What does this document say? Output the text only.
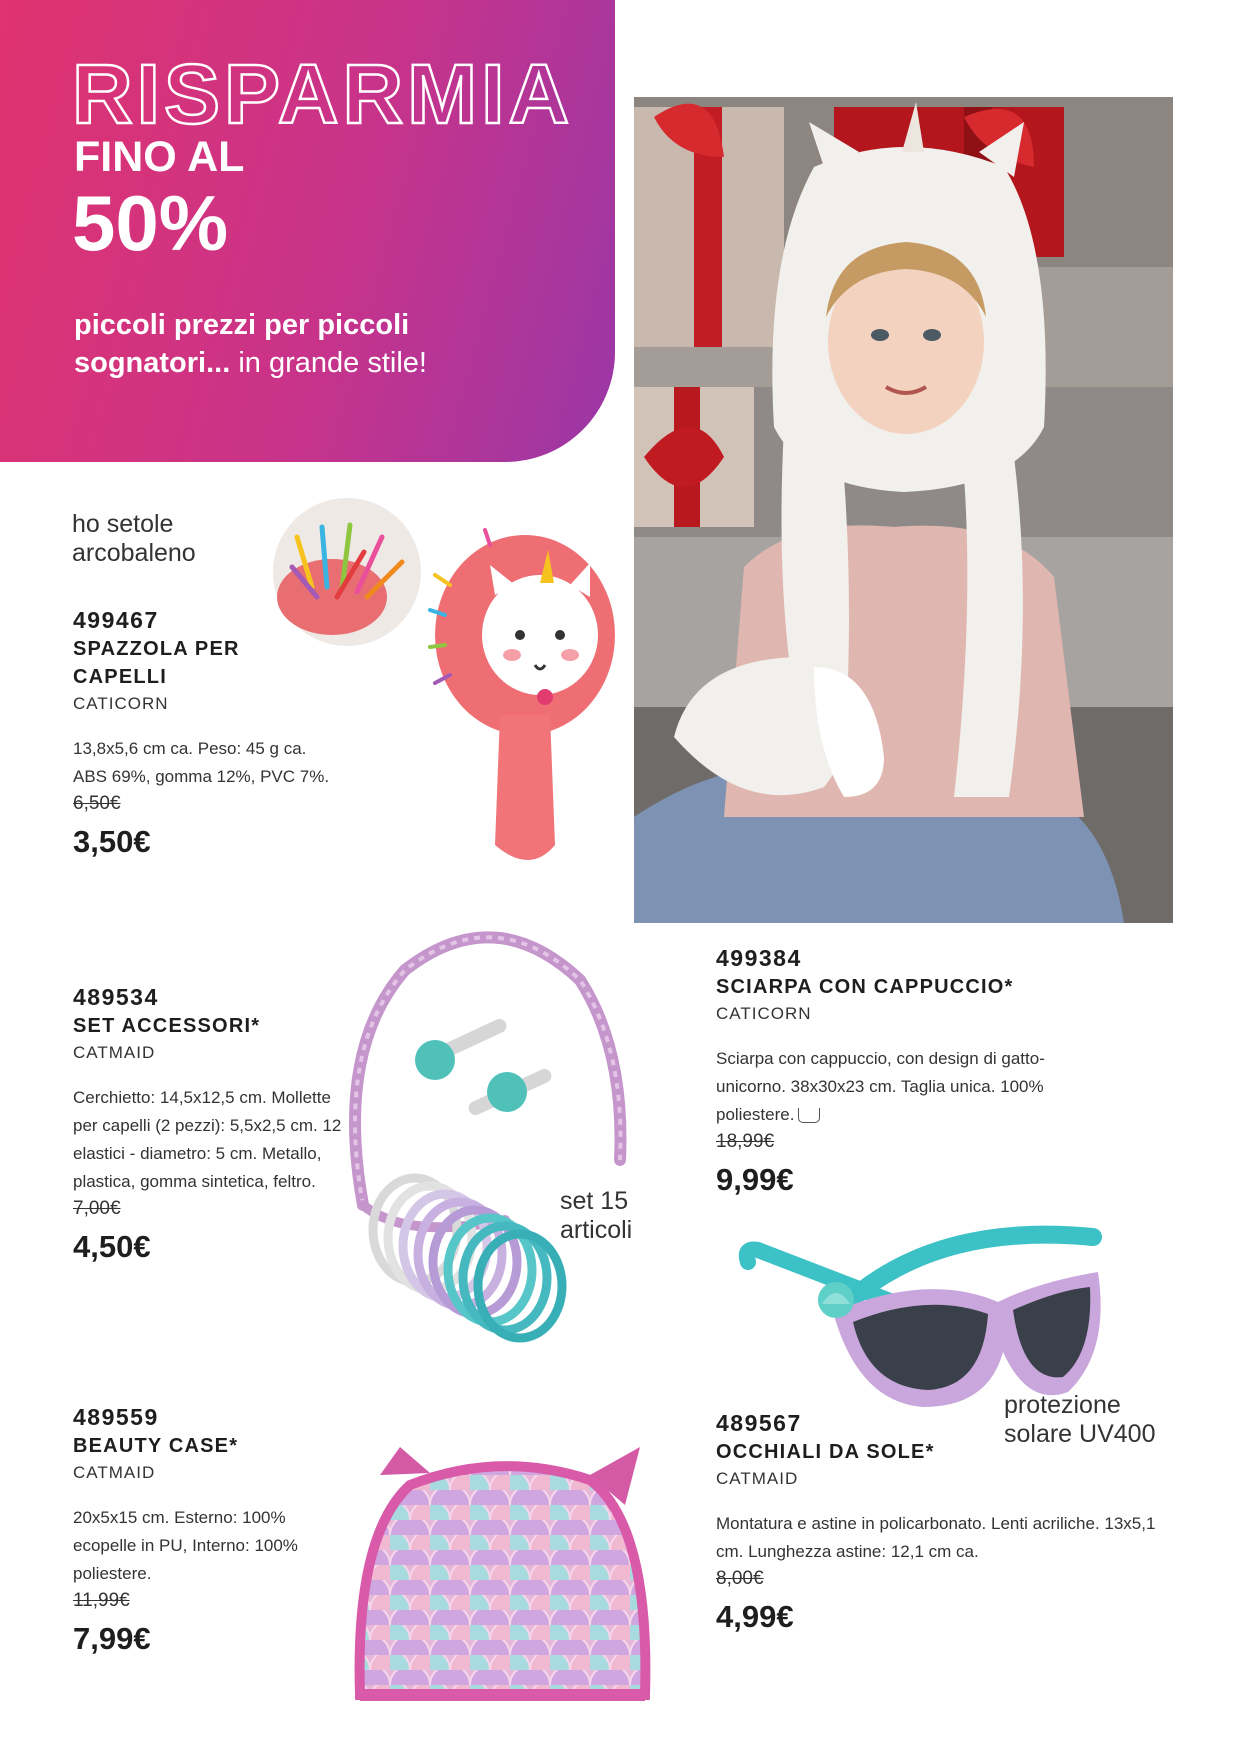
RISPARMIA
FINO AL
50%
piccoli prezzi per piccoli sognatori... in grande stile!
ho setole arcobaleno
499467
SPAZZOLA PER CAPELLI
CATICORN
13,8x5,6 cm ca. Peso: 45 g ca. ABS 69%, gomma 12%, PVC 7%.
6,50€
3,50€
499384
SCIARPA CON CAPPUCCIO*
CATICORN
Sciarpa con cappuccio, con design di gatto-unicorno. 38x30x23 cm. Taglia unica. 100% poliestere.
18,99€
9,99€
489534
SET ACCESSORI*
CATMAID
Cerchietto: 14,5x12,5 cm. Mollette per capelli (2 pezzi): 5,5x2,5 cm. 12 elastici - diametro: 5 cm. Metallo, plastica, gomma sintetica, feltro.
7,00€
4,50€
set 15 articoli
protezione solare UV400
489559
BEAUTY CASE*
CATMAID
20x5x15 cm. Esterno: 100% ecopelle in PU, Interno: 100% poliestere.
11,99€
7,99€
489567
OCCHIALI DA SOLE*
CATMAID
Montatura e astine in policarbonato. Lenti acriliche. 13x5,1 cm. Lunghezza astine: 12,1 cm ca.
8,00€
4,99€
